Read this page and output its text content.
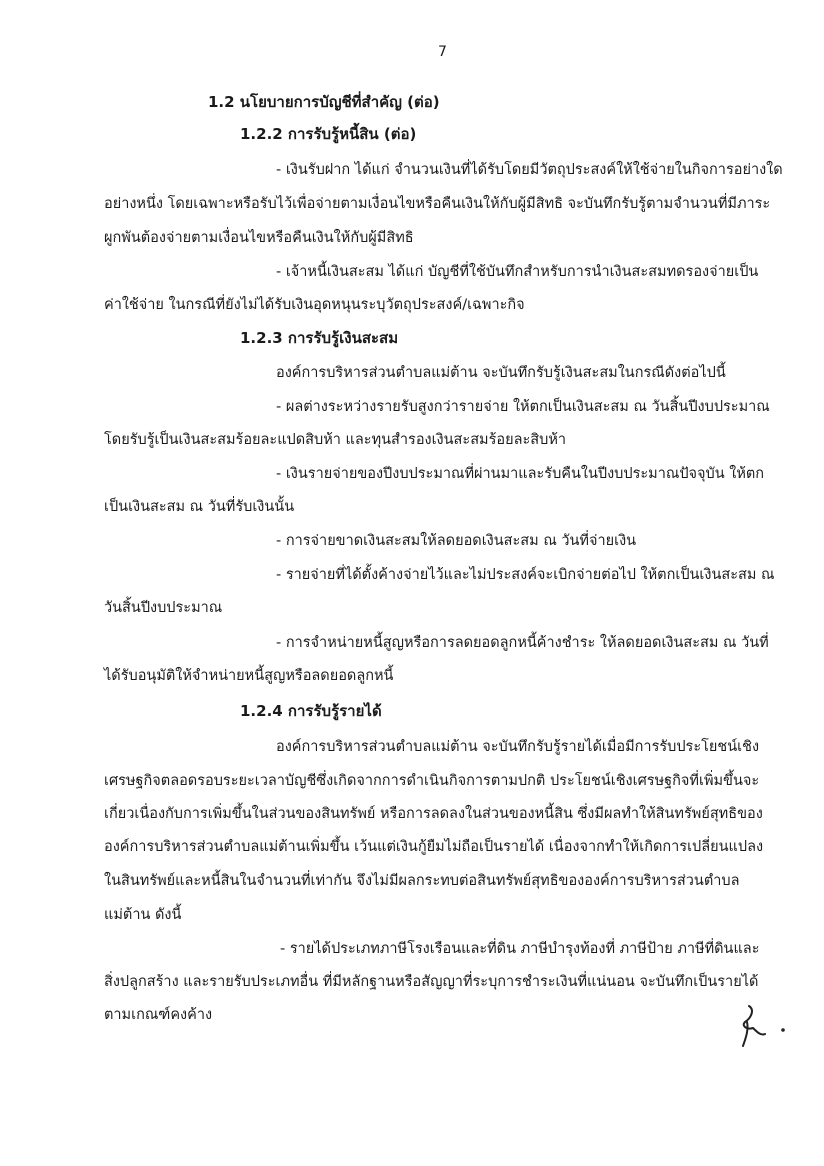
7
1.2 นโยบายการบัญชีที่สำคัญ (ต่อ)
1.2.2 การรับรู้หนี้สิน (ต่อ)
- เงินรับฝาก ได้แก่ จำนวนเงินที่ได้รับโดยมีวัตถุประสงค์ให้ใช้จ่ายในกิจการอย่างใด
อย่างหนึ่ง โดยเฉพาะหรือรับไว้เพื่อจ่ายตามเงื่อนไขหรือคืนเงินให้กับผู้มีสิทธิ จะบันทึกรับรู้ตามจำนวนที่มีภาระ
ผูกพันต้องจ่ายตามเงื่อนไขหรือคืนเงินให้กับผู้มีสิทธิ
- เจ้าหนี้เงินสะสม ได้แก่ บัญชีที่ใช้บันทึกสำหรับการนำเงินสะสมทดรองจ่ายเป็น
ค่าใช้จ่าย ในกรณีที่ยังไม่ได้รับเงินอุดหนุนระบุวัตถุประสงค์/เฉพาะกิจ
1.2.3 การรับรู้เงินสะสม
องค์การบริหารส่วนตำบลแม่ต้าน จะบันทึกรับรู้เงินสะสมในกรณีดังต่อไปนี้
- ผลต่างระหว่างรายรับสูงกว่ารายจ่าย ให้ตกเป็นเงินสะสม ณ วันสิ้นปีงบประมาณ
โดยรับรู้เป็นเงินสะสมร้อยละแปดสิบห้า และทุนสำรองเงินสะสมร้อยละสิบห้า
- เงินรายจ่ายของปีงบประมาณที่ผ่านมาและรับคืนในปีงบประมาณปัจจุบัน ให้ตก
เป็นเงินสะสม ณ วันที่รับเงินนั้น
- การจ่ายขาดเงินสะสมให้ลดยอดเงินสะสม ณ วันที่จ่ายเงิน
- รายจ่ายที่ได้ตั้งค้างจ่ายไว้และไม่ประสงค์จะเบิกจ่ายต่อไป ให้ตกเป็นเงินสะสม ณ
วันสิ้นปีงบประมาณ
- การจำหน่ายหนี้สูญหรือการลดยอดลูกหนี้ค้างชำระ ให้ลดยอดเงินสะสม ณ วันที่
ได้รับอนุมัติให้จำหน่ายหนี้สูญหรือลดยอดลูกหนี้
1.2.4 การรับรู้รายได้
องค์การบริหารส่วนตำบลแม่ต้าน จะบันทึกรับรู้รายได้เมื่อมีการรับประโยชน์เชิง
เศรษฐกิจตลอดรอบระยะเวลาบัญชีซึ่งเกิดจากการดำเนินกิจการตามปกติ ประโยชน์เชิงเศรษฐกิจที่เพิ่มขึ้นจะ
เกี่ยวเนื่องกับการเพิ่มขึ้นในส่วนของสินทรัพย์ หรือการลดลงในส่วนของหนี้สิน ซึ่งมีผลทำให้สินทรัพย์สุทธิของ
องค์การบริหารส่วนตำบลแม่ต้านเพิ่มขึ้น เว้นแต่เงินกู้ยืมไม่ถือเป็นรายได้ เนื่องจากทำให้เกิดการเปลี่ยนแปลง
ในสินทรัพย์และหนี้สินในจำนวนที่เท่ากัน จึงไม่มีผลกระทบต่อสินทรัพย์สุทธิขององค์การบริหารส่วนตำบล
แม่ต้าน ดังนี้
- รายได้ประเภทภาษีโรงเรือนและที่ดิน ภาษีบำรุงท้องที่ ภาษีป้าย ภาษีที่ดินและ
สิ่งปลูกสร้าง และรายรับประเภทอื่น ที่มีหลักฐานหรือสัญญาที่ระบุการชำระเงินที่แน่นอน จะบันทึกเป็นรายได้
ตามเกณฑ์คงค้าง
